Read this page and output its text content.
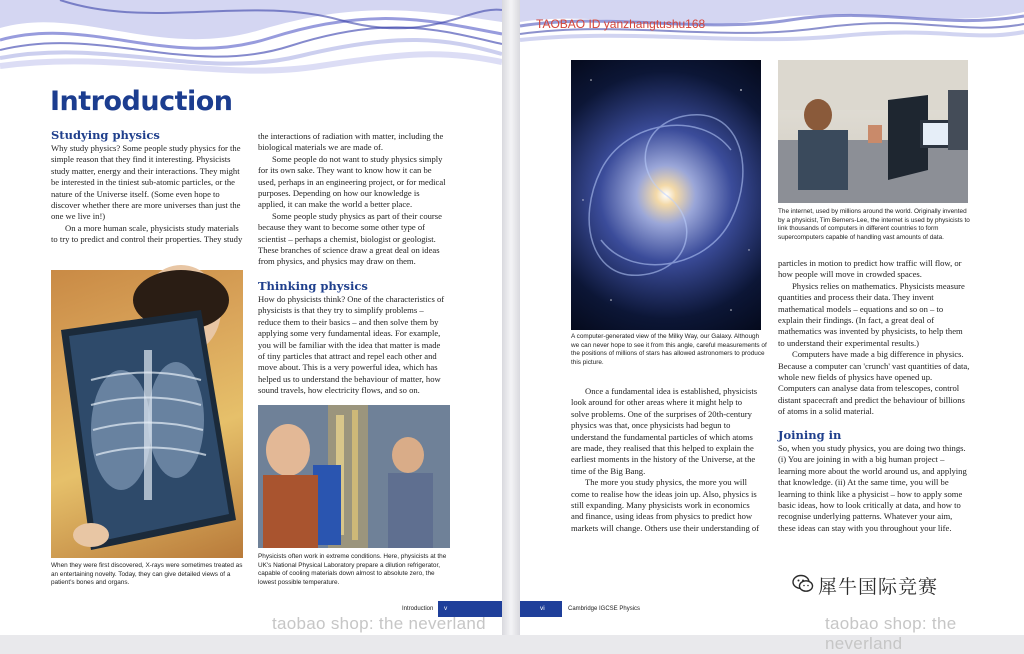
Introduction
Studying physics

Why study physics? Some people study physics for the simple reason that they find it interesting. Physicists study matter, energy and their interactions. They might be interested in the tiniest sub-atomic particles, or the nature of the Universe itself. (Some even hope to discover whether there are more universes than just the one we live in!)

On a more human scale, physicists study materials to try to predict and control their properties. They study

the interactions of radiation with matter, including the biological materials we are made of.

Some people do not want to study physics simply for its own sake. They want to know how it can be used, perhaps in an engineering project, or for medical purposes. Depending on how our knowledge is applied, it can make the world a better place.

Some people study physics as part of their course because they want to become some other type of scientist – perhaps a chemist, biologist or geologist. These branches of science draw a great deal on ideas from physics, and physics may draw on them.

When they were first discovered, X-rays were sometimes treated as an entertaining novelty. Today, they can give detailed views of a patient's bones and organs.
Thinking physics

How do physicists think? One of the characteristics of physicists is that they try to simplify problems – reduce them to their basics – and then solve them by applying some very fundamental ideas. For example, you will be familiar with the idea that matter is made of tiny particles that attract and repel each other and move about. This is a very powerful idea, which has helped us to understand the behaviour of matter, how sound travels, how electricity flows, and so on.

Physicists often work in extreme conditions. Here, physicists at the UK's National Physical Laboratory prepare a dilution refrigerator, capable of cooling materials down almost to absolute zero, the lowest possible temperature.
Introduction v
taobao shop: the neverland
A computer-generated view of the Milky Way, our Galaxy. Although we can never hope to see it from this angle, careful measurements of the positions of millions of stars has allowed astronomers to produce this picture.
The internet, used by millions around the world. Originally invented by a physicist, Tim Berners-Lee, the internet is used by physicists to link thousands of computers in different countries to form supercomputers capable of handling vast amounts of data.

Once a fundamental idea is established, physicists look around for other areas where it might help to solve problems. One of the surprises of 20th-century physics was that, once physicists had begun to understand the fundamental particles of which atoms are made, they realised that this helped to explain the earliest moments in the history of the Universe, at the time of the Big Bang.

The more you study physics, the more you will come to realise how the ideas join up. Also, physics is still expanding. Many physicists work in economics and finance, using ideas from physics to predict how markets will change. Others use their understanding of

particles in motion to predict how traffic will flow, or how people will move in crowded spaces.

Physics relies on mathematics. Physicists measure quantities and process their data. They invent mathematical models – equations and so on – to explain their findings. (In fact, a great deal of mathematics was invented by physicists, to help them to understand their experimental results.)

Computers have made a big difference in physics. Because a computer can 'crunch' vast quantities of data, whole new fields of physics have opened up. Computers can analyse data from telescopes, control distant spacecraft and predict the behaviour of billions of atoms in a solid material.

Joining in

So, when you study physics, you are doing two things. (i) You are joining in with a big human project – learning more about the world around us, and applying that knowledge. (ii) At the same time, you will be learning to think like a physicist – how to apply some basic ideas, how to look critically at data, and how to recognise underlying patterns. Whatever your aim, these ideas can stay with you throughout your life.

vi	Cambridge IGCSE Physics
taobao shop: the neverland
TAOBAO ID yanzhangtushu168
犀牛国际竞赛
